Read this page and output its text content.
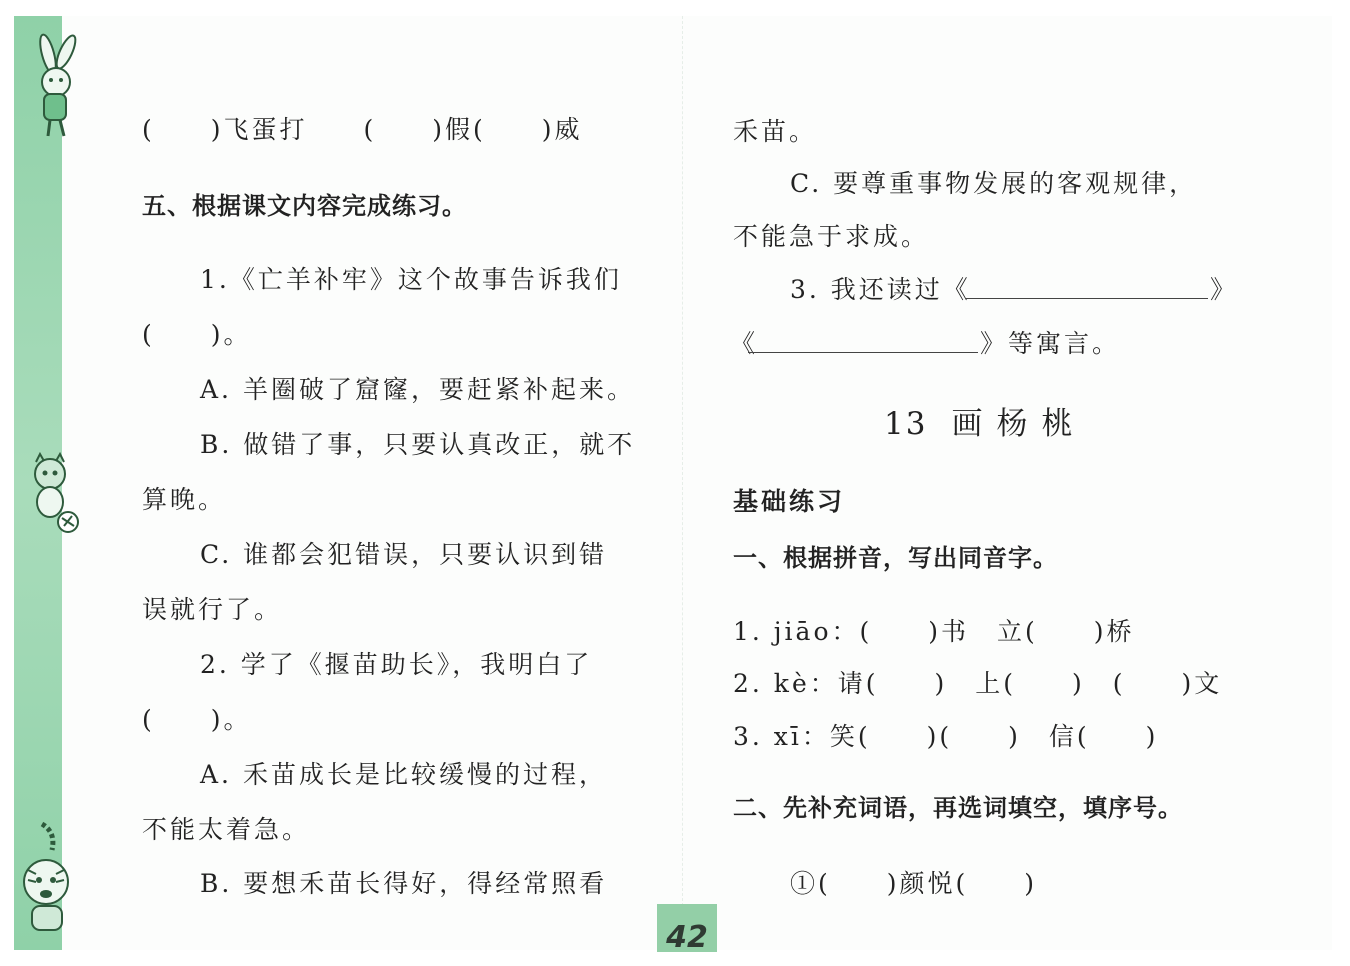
(　　)飞蛋打　　(　　)假(　　)威
五、根据课文内容完成练习。
1.《亡羊补牢》这个故事告诉我们
(　　)。
A. 羊圈破了窟窿，要赶紧补起来。
B. 做错了事，只要认真改正，就不
算晚。
C. 谁都会犯错误，只要认识到错
误就行了。
2. 学了《揠苗助长》，我明白了
(　　)。
A. 禾苗成长是比较缓慢的过程，
不能太着急。
B. 要想禾苗长得好，得经常照看
禾苗。
C. 要尊重事物发展的客观规律，
不能急于求成。
3. 我还读过《	》
《	》等寓言。
13 画杨桃
基础练习
一、根据拼音，写出同音字。
1. jiāo：(　　)书　立(　　)桥
2. kè：请(　　)　上(　　)　(　　)文
3. xī：笑(　　)(　　)　信(　　)
二、先补充词语，再选词填空，填序号。
①(　　)颜悦(　　)
42
